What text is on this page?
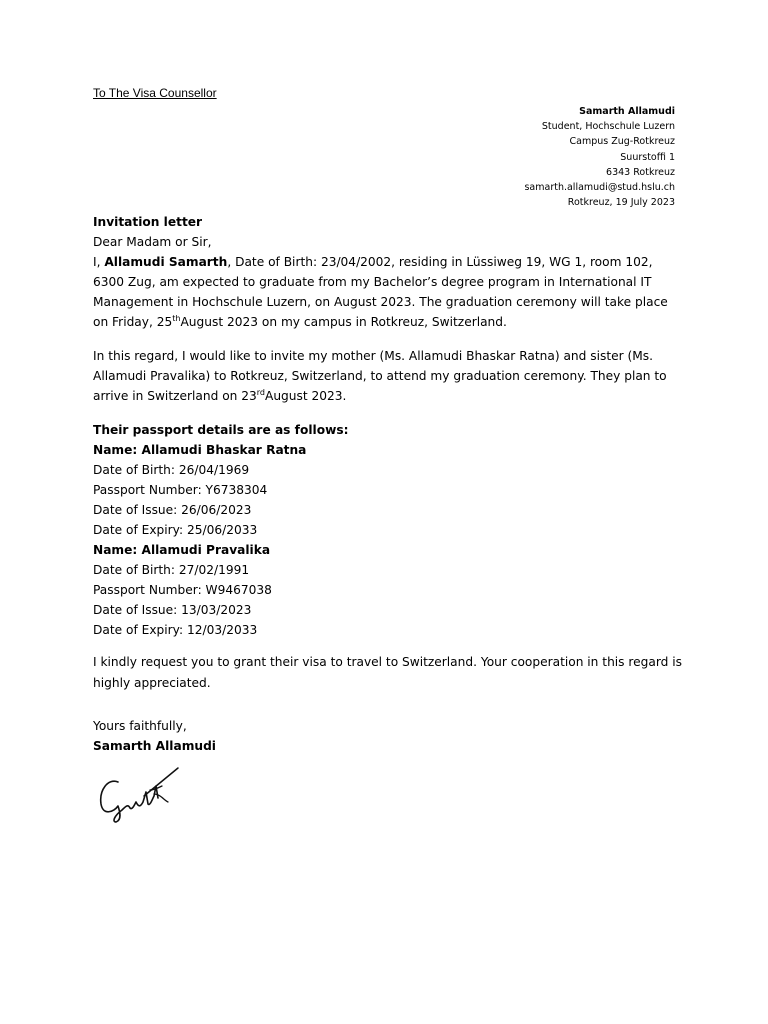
To The Visa Counsellor
Samarth Allamudi
Student, Hochschule Luzern
Campus Zug-Rotkreuz
Suurstoffi 1
6343 Rotkreuz
samarth.allamudi@stud.hslu.ch
Rotkreuz, 19 July 2023

Invitation letter

Dear Madam or Sir,

I, Allamudi Samarth, Date of Birth: 23/04/2002, residing in Lüssiweg 19, WG 1, room 102, 6300 Zug, am expected to graduate from my Bachelor’s degree program in International IT Management in Hochschule Luzern, on August 2023. The graduation ceremony will take place on Friday, 25thAugust 2023 on my campus in Rotkreuz, Switzerland.

In this regard, I would like to invite my mother (Ms. Allamudi Bhaskar Ratna) and sister (Ms. Allamudi Pravalika) to Rotkreuz, Switzerland, to attend my graduation ceremony. They plan to arrive in Switzerland on 23rdAugust 2023.

Their passport details are as follows:

Name: Allamudi Bhaskar Ratna

Date of Birth: 26/04/1969

Passport Number: Y6738304

Date of Issue: 26/06/2023

Date of Expiry: 25/06/2033

Name: Allamudi Pravalika

Date of Birth: 27/02/1991

Passport Number: W9467038

Date of Issue: 13/03/2023

Date of Expiry: 12/03/2033

I kindly request you to grant their visa to travel to Switzerland. Your cooperation in this regard is highly appreciated.

Yours faithfully,

Samarth Allamudi
